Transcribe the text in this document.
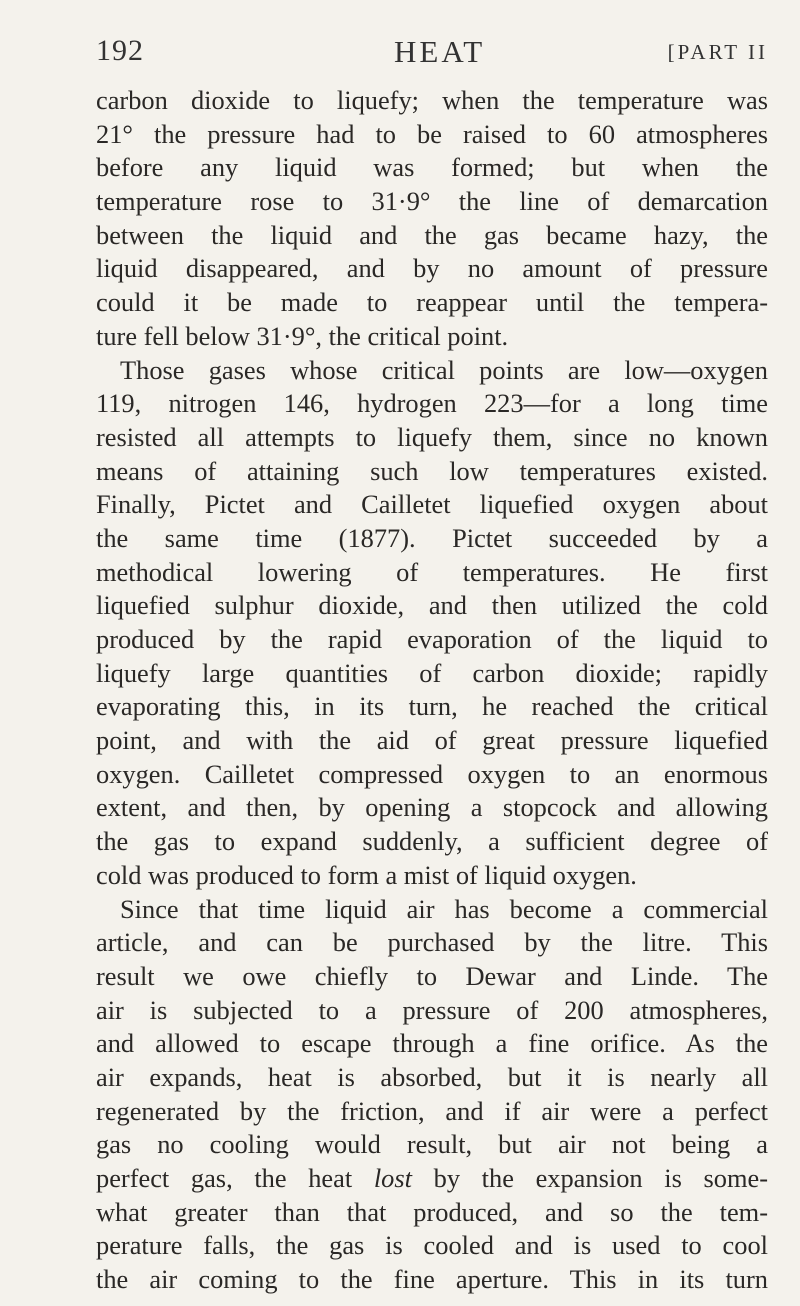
192	HEAT	[PART II
carbon dioxide to liquefy; when the temperature was
21° the pressure had to be raised to 60 atmospheres
before any liquid was formed; but when the
temperature rose to 31·9° the line of demarcation
between the liquid and the gas became hazy, the
liquid disappeared, and by no amount of pressure
could it be made to reappear until the tempera-
ture fell below 31·9°, the critical point.
Those gases whose critical points are low—oxygen
119, nitrogen 146, hydrogen 223—for a long time
resisted all attempts to liquefy them, since no known
means of attaining such low temperatures existed.
Finally, Pictet and Cailletet liquefied oxygen about
the same time (1877). Pictet succeeded by a
methodical lowering of temperatures. He first
liquefied sulphur dioxide, and then utilized the cold
produced by the rapid evaporation of the liquid to
liquefy large quantities of carbon dioxide; rapidly
evaporating this, in its turn, he reached the critical
point, and with the aid of great pressure liquefied
oxygen. Cailletet compressed oxygen to an enormous
extent, and then, by opening a stopcock and allowing
the gas to expand suddenly, a sufficient degree of
cold was produced to form a mist of liquid oxygen.
Since that time liquid air has become a commercial
article, and can be purchased by the litre. This
result we owe chiefly to Dewar and Linde. The
air is subjected to a pressure of 200 atmospheres,
and allowed to escape through a fine orifice. As the
air expands, heat is absorbed, but it is nearly all
regenerated by the friction, and if air were a perfect
gas no cooling would result, but air not being a
perfect gas, the heat lost by the expansion is some-
what greater than that produced, and so the tem-
perature falls, the gas is cooled and is used to cool
the air coming to the fine aperture. This in its turn
